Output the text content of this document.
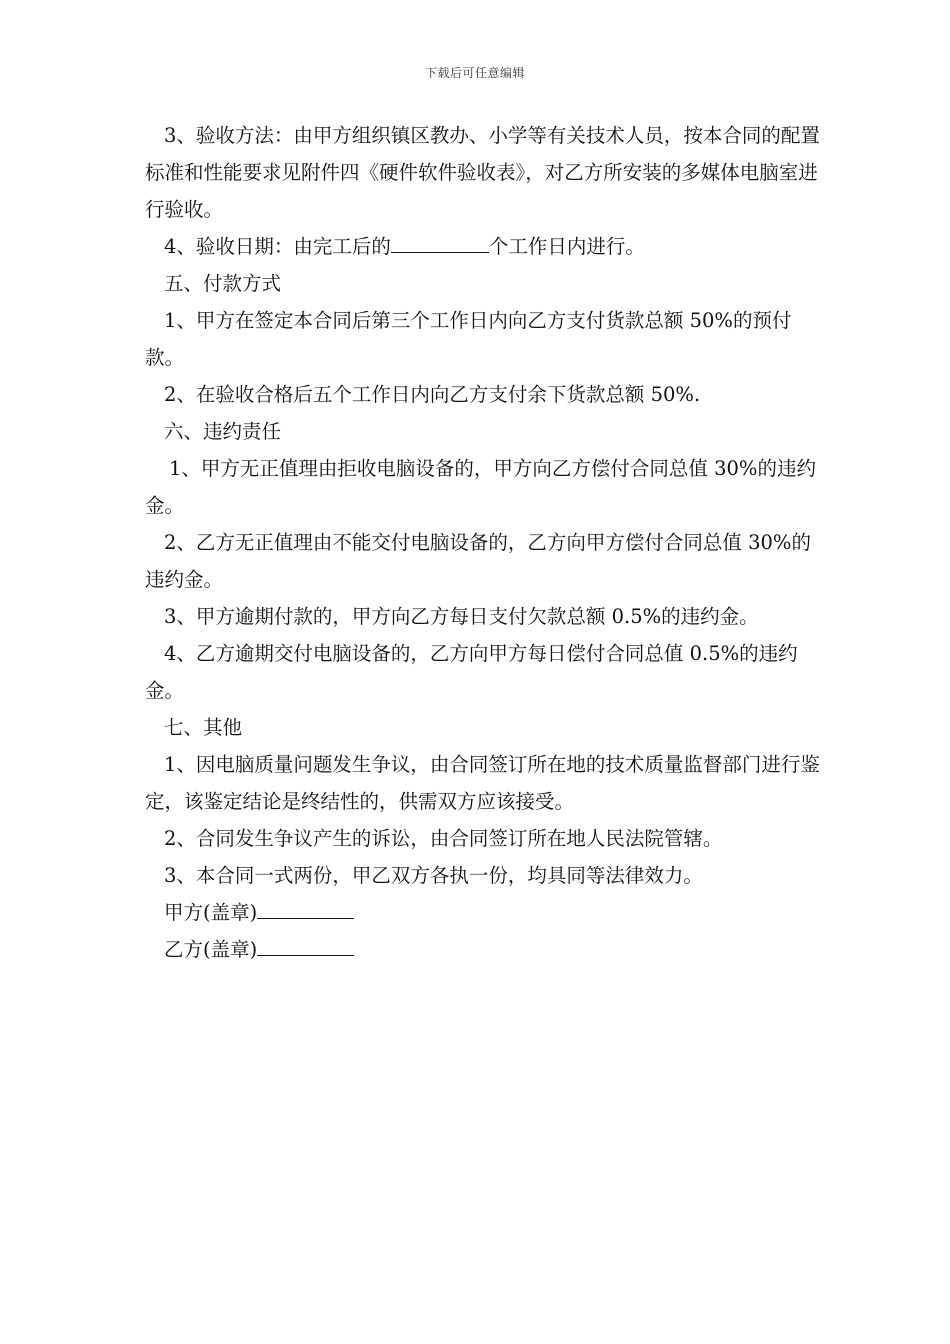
下载后可任意编辑

3、验收方法：由甲方组织镇区教办、小学等有关技术人员，按本合同的配置标准和性能要求见附件四《硬件软件验收表》，对乙方所安装的多媒体电脑室进行验收。

4、验收日期：由完工后的	个工作日内进行。

五、付款方式

1、甲方在签定本合同后第三个工作日内向乙方支付货款总额 50%的预付款。

2、在验收合格后五个工作日内向乙方支付余下货款总额 50%.

六、违约责任

1、甲方无正值理由拒收电脑设备的，甲方向乙方偿付合同总值 30%的违约金。

2、乙方无正值理由不能交付电脑设备的，乙方向甲方偿付合同总值 30%的违约金。

3、甲方逾期付款的，甲方向乙方每日支付欠款总额 0.5%的违约金。

4、乙方逾期交付电脑设备的，乙方向甲方每日偿付合同总值 0.5%的违约金。

七、其他

1、因电脑质量问题发生争议，由合同签订所在地的技术质量监督部门进行鉴定，该鉴定结论是终结性的，供需双方应该接受。

2、合同发生争议产生的诉讼，由合同签订所在地人民法院管辖。

3、本合同一式两份，甲乙双方各执一份，均具同等法律效力。

甲方(盖章)

乙方(盖章)
